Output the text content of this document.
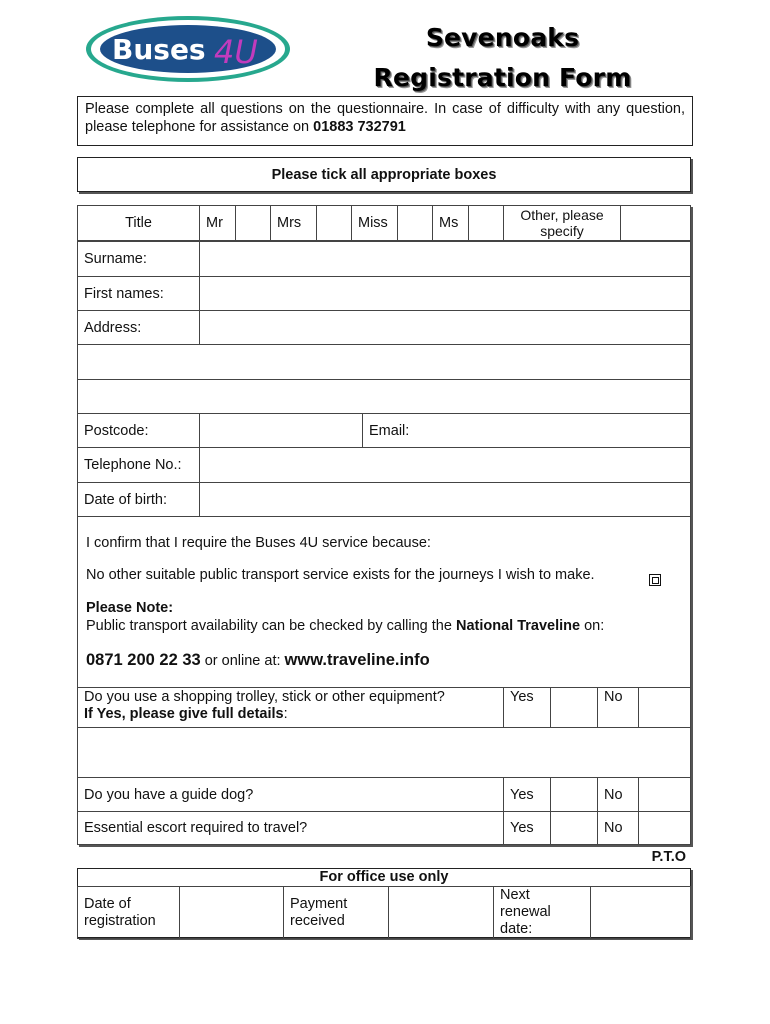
Buses 4U	Sevenoaks
Registration Form
Please complete all questions on the questionnaire. In case of difficulty with any question, please telephone for assistance on 01883 732791
Please tick all appropriate boxes
Title	Mr		Mrs		Miss		Ms		Other, please specify	
Surname:		
First names:		
Address:		

Postcode:		Email:
Telephone No.:		
Date of birth:		
I confirm that I require the Buses 4U service because:
No other suitable public transport service exists for the journeys I wish to make.
Please Note:
Public transport availability can be checked by calling the National Traveline on:
0871 200 22 33 or online at: www.traveline.info
Do you use a shopping trolley, stick or other equipment?
If Yes, please give full details:	Yes		No	

Do you have a guide dog?	Yes		No	
Essential escort required to travel?	Yes		No	
P.T.O
For office use only
Date of registration		Payment received		Next renewal date:	
